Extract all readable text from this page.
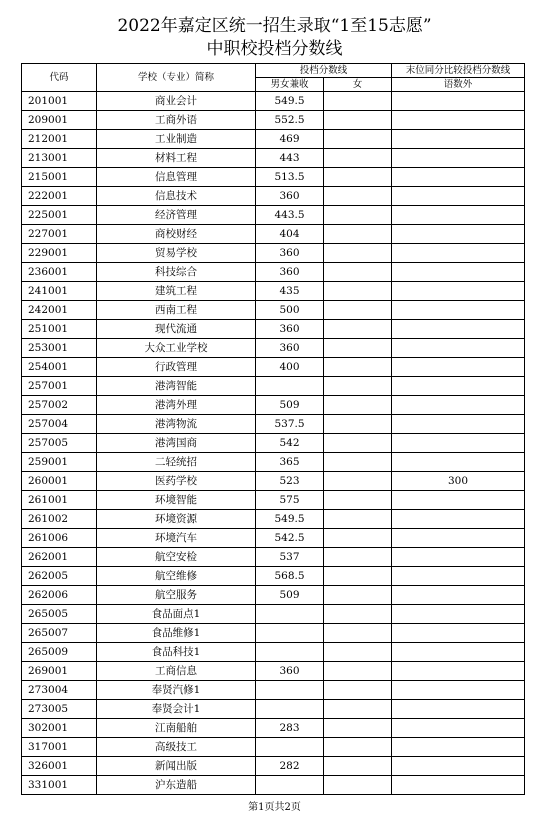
2022年嘉定区统一招生录取“1至15志愿”
中职校投档分数线
代码	学校（专业）简称	投档分数线		末位同分比较投档分数线
		男女兼收	女	语数外
201001	商业会计	549.5		
209001	工商外语	552.5		
212001	工业制造	469		
213001	材料工程	443		
215001	信息管理	513.5		
222001	信息技术	360		
225001	经济管理	443.5		
227001	商校财经	404		
229001	贸易学校	360		
236001	科技综合	360		
241001	建筑工程	435		
242001	西南工程	500		
251001	现代流通	360		
253001	大众工业学校	360		
254001	行政管理	400		
257001	港湾智能			
257002	港湾外理	509		
257004	港湾物流	537.5		
257005	港湾国商	542		
259001	二轻统招	365		
260001	医药学校	523		300
261001	环境智能	575		
261002	环境资源	549.5		
261006	环境汽车	542.5		
262001	航空安检	537		
262005	航空维修	568.5		
262006	航空服务	509		
265005	食品面点1			
265007	食品维修1			
265009	食品科技1			
269001	工商信息	360		
273004	奉贤汽修1			
273005	奉贤会计1			
302001	江南船舶	283		
317001	高级技工			
326001	新闻出版	282		
331001	沪东造船			
第1页共2页
